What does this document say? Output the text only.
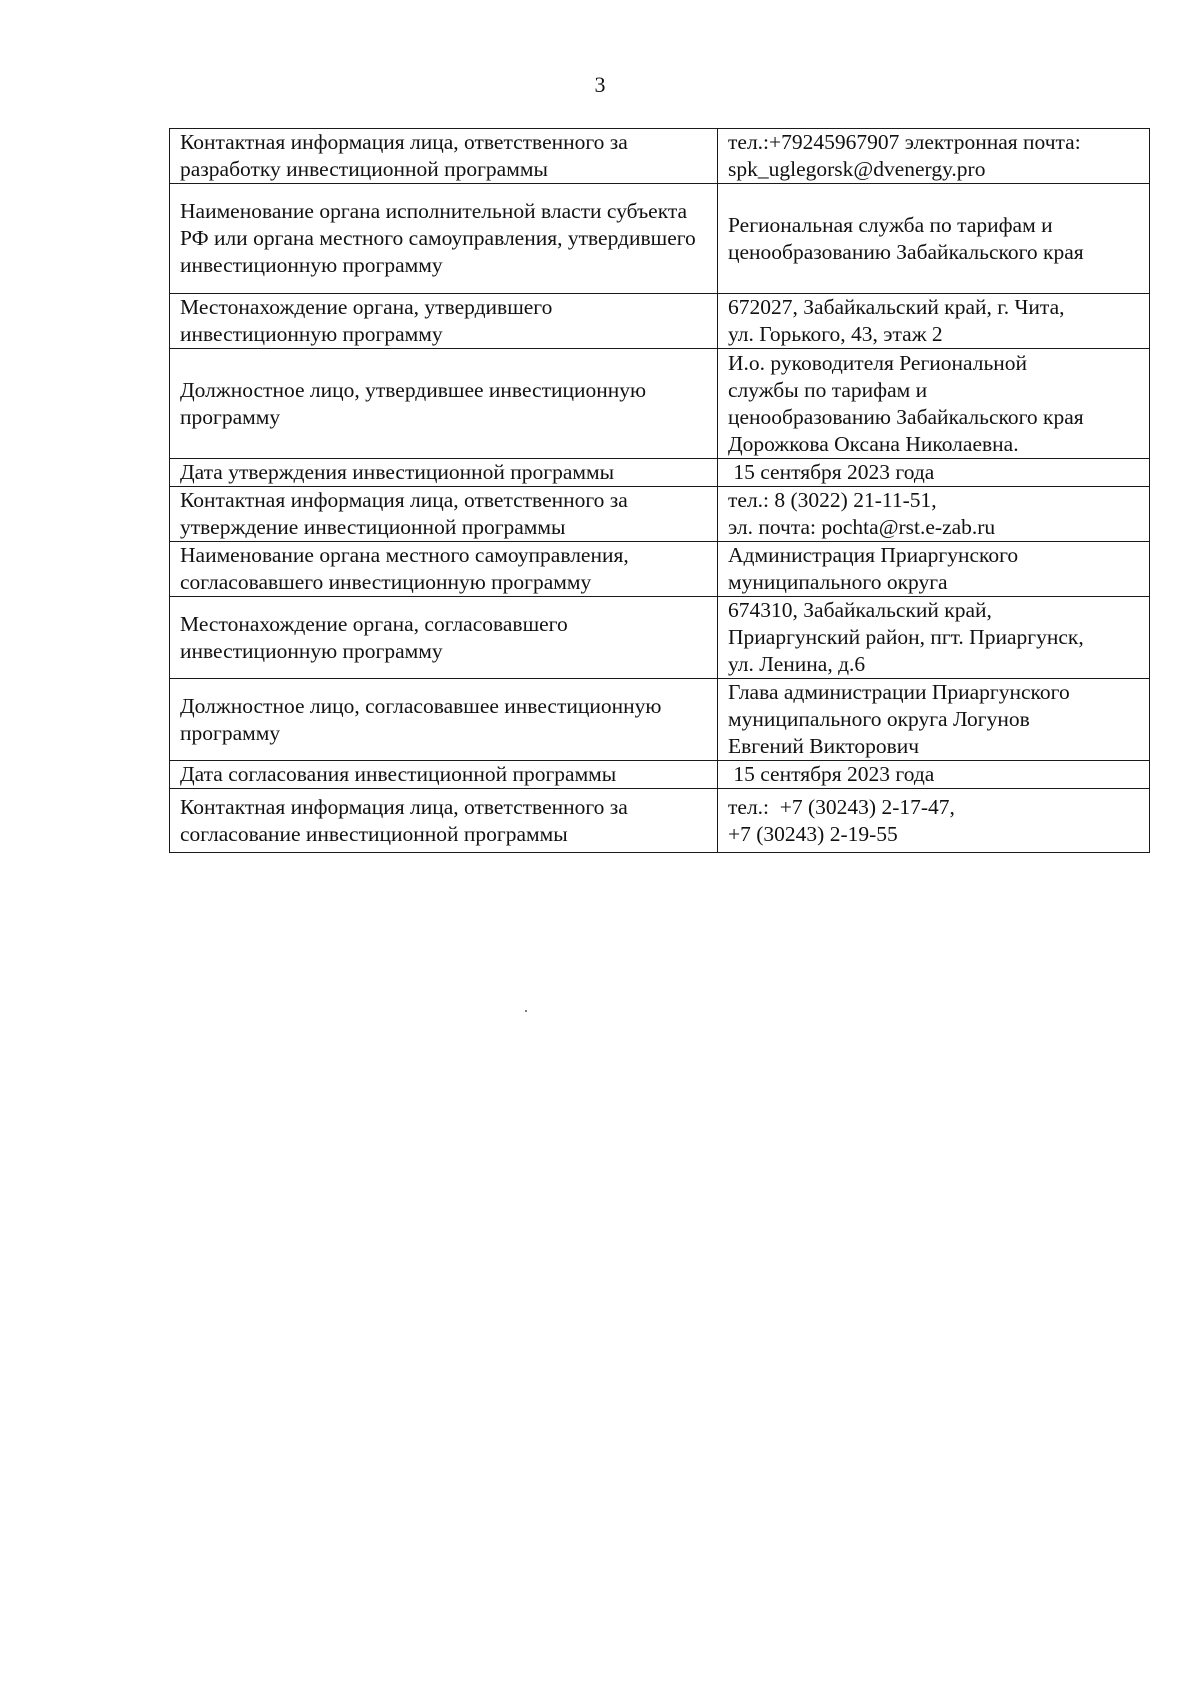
3
Контактная информация лица, ответственного за разработку инвестиционной программы	тел.:+79245967907 электронная почта:
spk_uglegorsk@dvenergy.pro

Наименование органа исполнительной власти субъекта РФ или органа местного самоуправления, утвердившего инвестиционную программу	Региональная служба по тарифам и
ценообразованию Забайкальского края

Местонахождение органа, утвердившего инвестиционную программу	672027, Забайкальский край, г. Чита,
ул. Горького, 43, этаж 2

Должностное лицо, утвердившее инвестиционную программу	И.о. руководителя Региональной
службы по тарифам и
ценообразованию Забайкальского края
Дорожкова Оксана Николаевна.

Дата утверждения инвестиционной программы	15 сентября 2023 года

Контактная информация лица, ответственного за утверждение инвестиционной программы	тел.: 8 (3022) 21-11-51,
эл. почта: pochta@rst.e-zab.ru

Наименование органа местного самоуправления, согласовавшего инвестиционную программу	Администрация Приаргунского
муниципального округа

Местонахождение органа, согласовавшего инвестиционную программу	674310, Забайкальский край,
Приаргунский район, пгт. Приаргунск,
ул. Ленина, д.6

Должностное лицо, согласовавшее инвестиционную программу	Глава администрации Приаргунского
муниципального округа Логунов
Евгений Викторович

Дата согласования инвестиционной программы	15 сентября 2023 года

Контактная информация лица, ответственного за согласование инвестиционной программы	тел.:  +7 (30243) 2-17-47,
+7 (30243) 2-19-55
